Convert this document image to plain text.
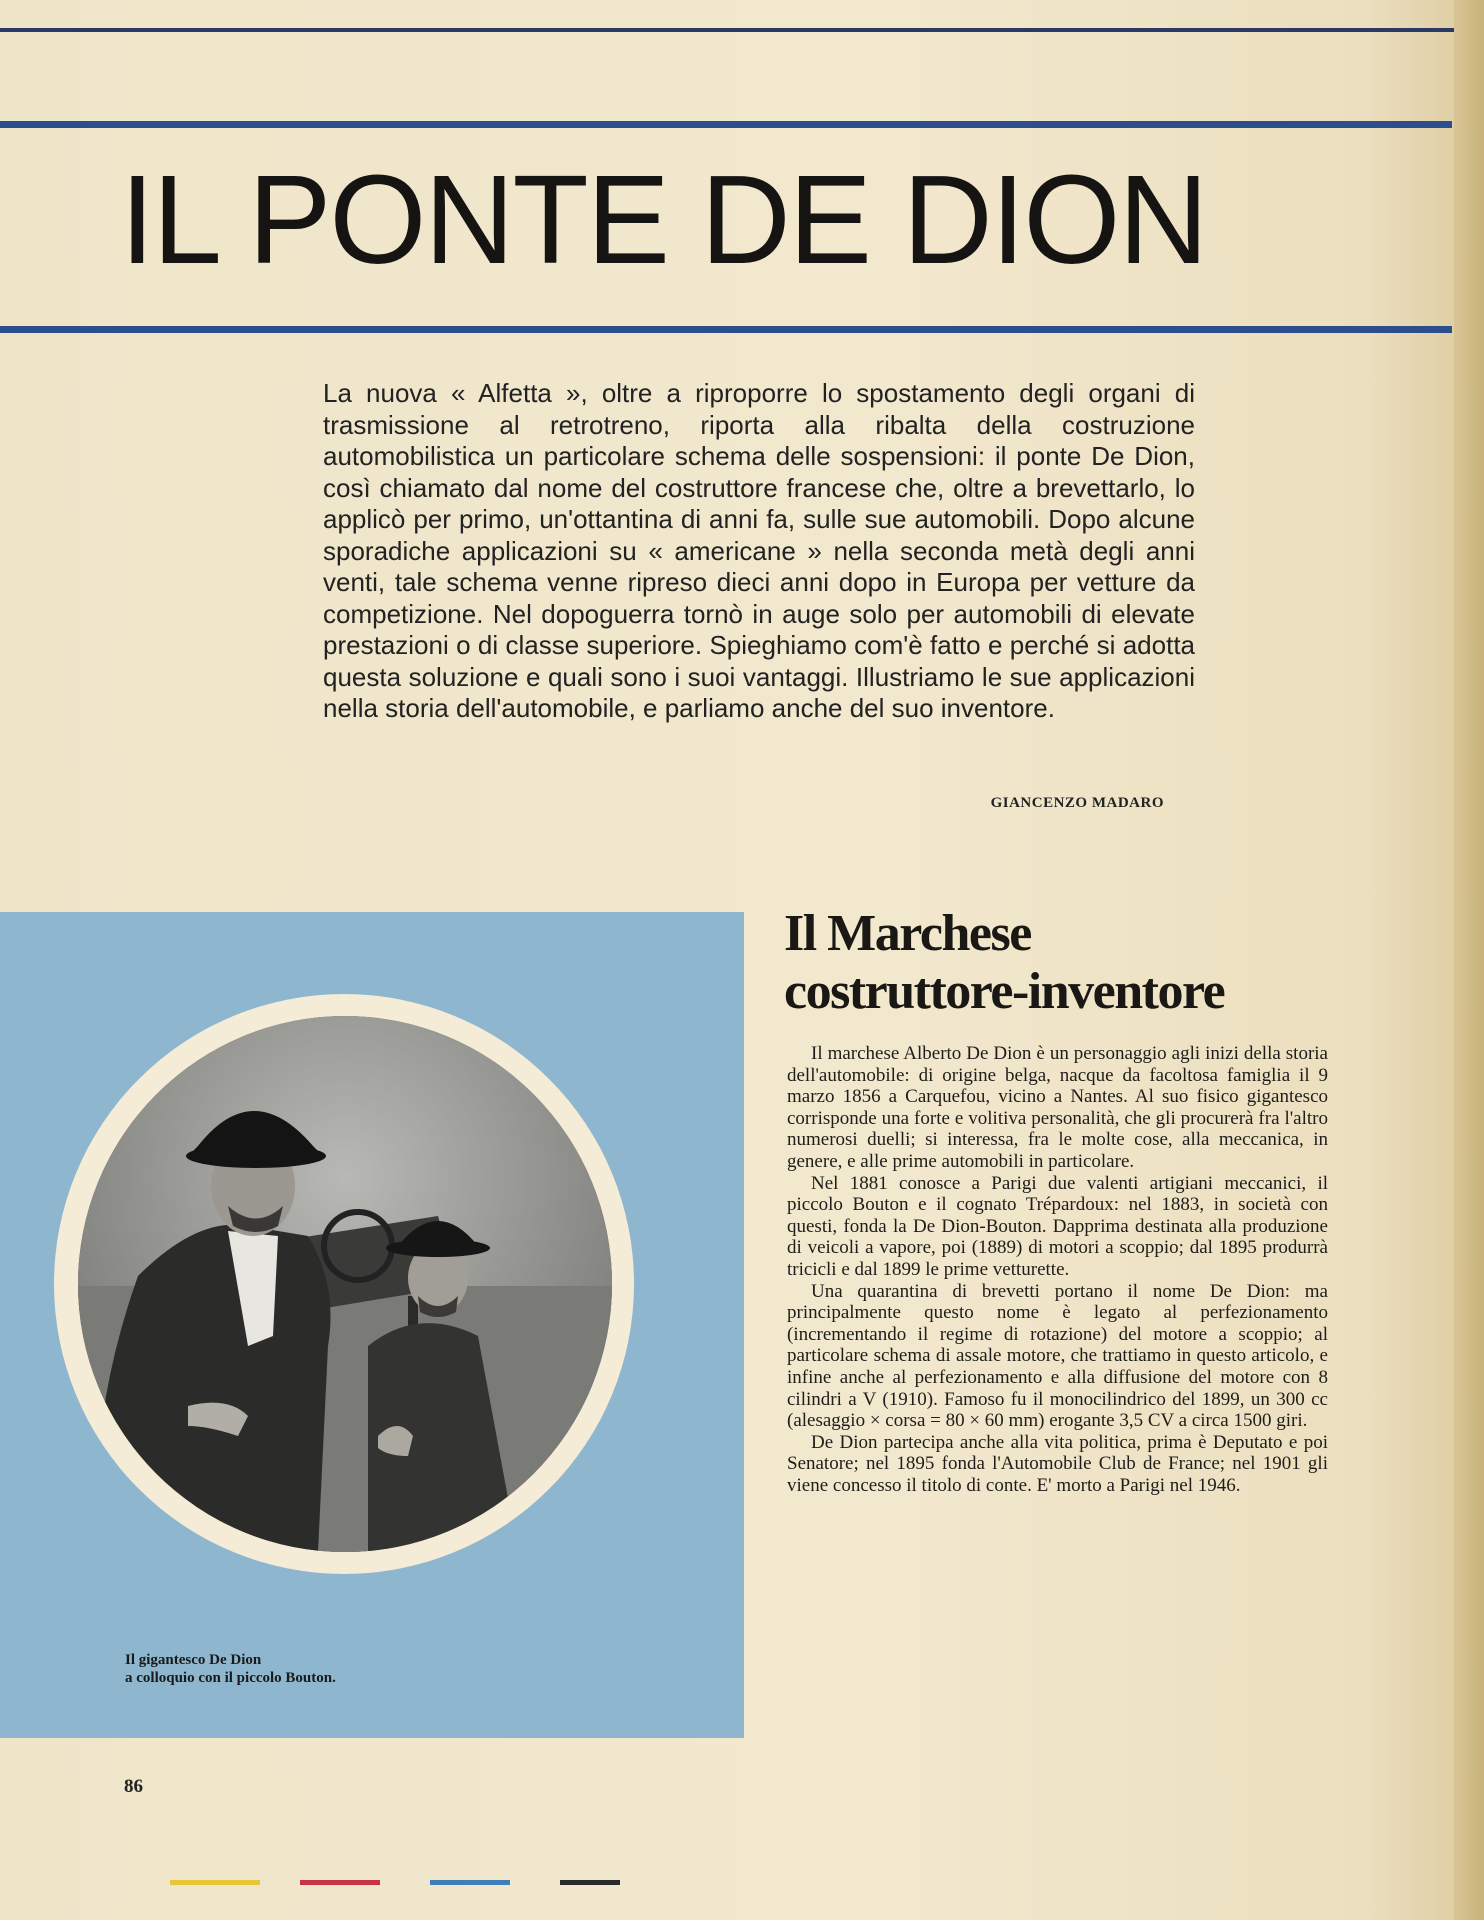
IL PONTE DE DION

La nuova « Alfetta », oltre a riproporre lo spostamento degli organi di trasmissione al retrotreno, riporta alla ribalta della costruzione automobilistica un particolare schema delle sospensioni: il ponte De Dion, così chiamato dal nome del costruttore francese che, oltre a brevettarlo, lo applicò per primo, un'ottantina di anni fa, sulle sue automobili. Dopo alcune sporadiche applicazioni su « americane » nella seconda metà degli anni venti, tale schema venne ripreso dieci anni dopo in Europa per vetture da competizione. Nel dopoguerra tornò in auge solo per automobili di elevate prestazioni o di classe superiore. Spieghiamo com'è fatto e perché si adotta questa soluzione e quali sono i suoi vantaggi. Illustriamo le sue applicazioni nella storia dell'automobile, e parliamo anche del suo inventore.

GIANCENZO MADARO
Il gigantesco De Dion
a colloquio con il piccolo Bouton.
Il Marchese
costruttore-inventore

Il marchese Alberto De Dion è un personaggio agli inizi della storia dell'automobile: di origine belga, nacque da facoltosa famiglia il 9 marzo 1856 a Carquefou, vicino a Nantes. Al suo fisico gigantesco corrisponde una forte e volitiva personalità, che gli procurerà fra l'altro numerosi duelli; si interessa, fra le molte cose, alla meccanica, in genere, e alle prime automobili in particolare.

Nel 1881 conosce a Parigi due valenti artigiani meccanici, il piccolo Bouton e il cognato Trépardoux: nel 1883, in società con questi, fonda la De Dion-Bouton. Dapprima destinata alla produzione di veicoli a vapore, poi (1889) di motori a scoppio; dal 1895 produrrà tricicli e dal 1899 le prime vetturette.

Una quarantina di brevetti portano il nome De Dion: ma principalmente questo nome è legato al perfezionamento (incrementando il regime di rotazione) del motore a scoppio; al particolare schema di assale motore, che trattiamo in questo articolo, e infine anche al perfezionamento e alla diffusione del motore con 8 cilindri a V (1910). Famoso fu il monocilindrico del 1899, un 300 cc (alesaggio × corsa = 80 × 60 mm) erogante 3,5 CV a circa 1500 giri.

De Dion partecipa anche alla vita politica, prima è Deputato e poi Senatore; nel 1895 fonda l'Automobile Club de France; nel 1901 gli viene concesso il titolo di conte. E' morto a Parigi nel 1946.

86
